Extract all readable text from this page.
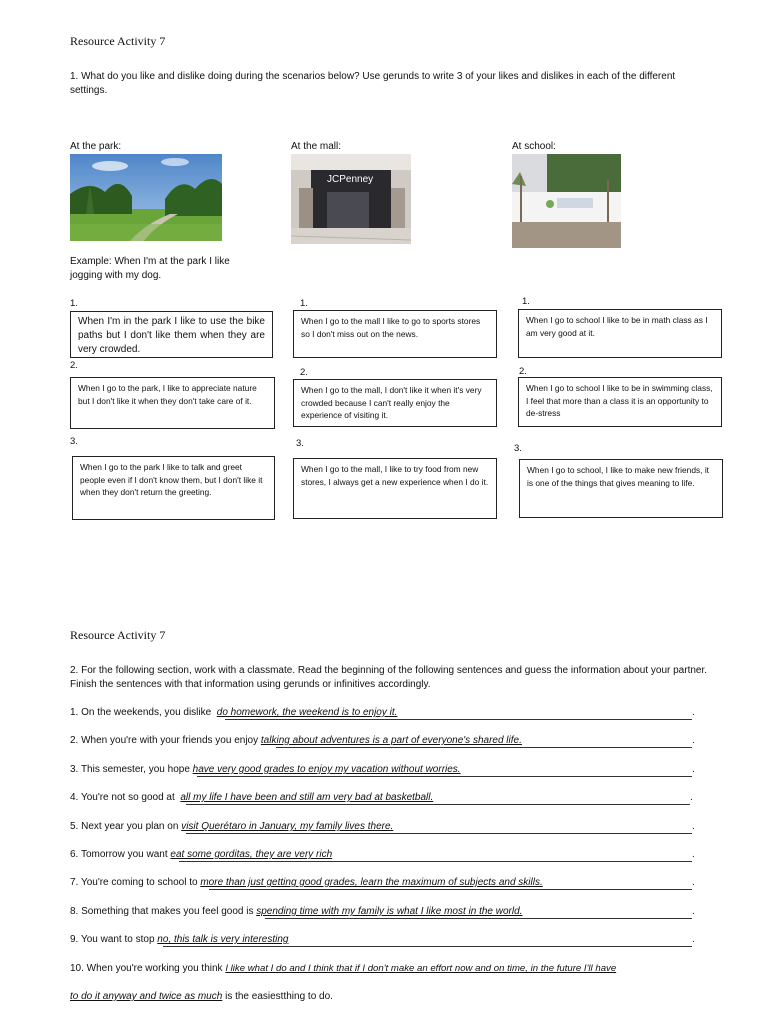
Resource Activity 7
1. What do you like and dislike doing during the scenarios below? Use gerunds to write 3 of your likes and dislikes in each of the different settings.
At the park:	At the mall:	At school:
JCPenney
Example: When I'm at the park I like jogging with my dog.
1.
When I'm in the park I like to use the bike paths but I don't like them when they are very crowded.
2.
When I go to the park, I like to appreciate nature but I don't like it when they don't take care of it.
3.
When I go to the park I like to talk and greet people even if I don't know them, but I don't like it when they don't return the greeting.
1.
When I go to the mall I like to go to sports stores so I don't miss out on the news.
2.
When I go to the mall, I don't like it when it's very crowded because I can't really enjoy the experience of visiting it.
3.
When I go to the mall, I like to try food from new stores, I always get a new experience when I do it.
1.
When I go to school I like to be in math class as I am very good at it.
2.
When I go to school I like to be in swimming class, I feel that more than a class it is an opportunity to de-stress
3.
When I go to school, I like to make new friends, it is one of the things that gives meaning to life.
Resource Activity 7
2. For the following section, work with a classmate. Read the beginning of the following sentences and guess the information about your partner. Finish the sentences with that information using gerunds or infinitives accordingly.
1. On the weekends, you dislike do homework, the weekend is to enjoy it.	.
2. When you're with your friends you enjoy talking about adventures is a part of everyone's shared life.	.
3. This semester, you hope have very good grades to enjoy my vacation without worries.	.
4. You're not so good at all my life I have been and still am very bad at basketball.	.
5. Next year you plan on visit Querétaro in January, my family lives there.	.
6. Tomorrow you want eat some gorditas, they are very rich	.
7. You're coming to school to more than just getting good grades, learn the maximum of subjects and skills.	.
8. Something that makes you feel good is spending time with my family is what I like most in the world.	.
9. You want to stop no, this talk is very interesting	.
10. When you're working you think I like what I do and I think that if I don't make an effort now and on time, in the future I'll have
to do it anyway and twice as much is the easiestthing to do.
